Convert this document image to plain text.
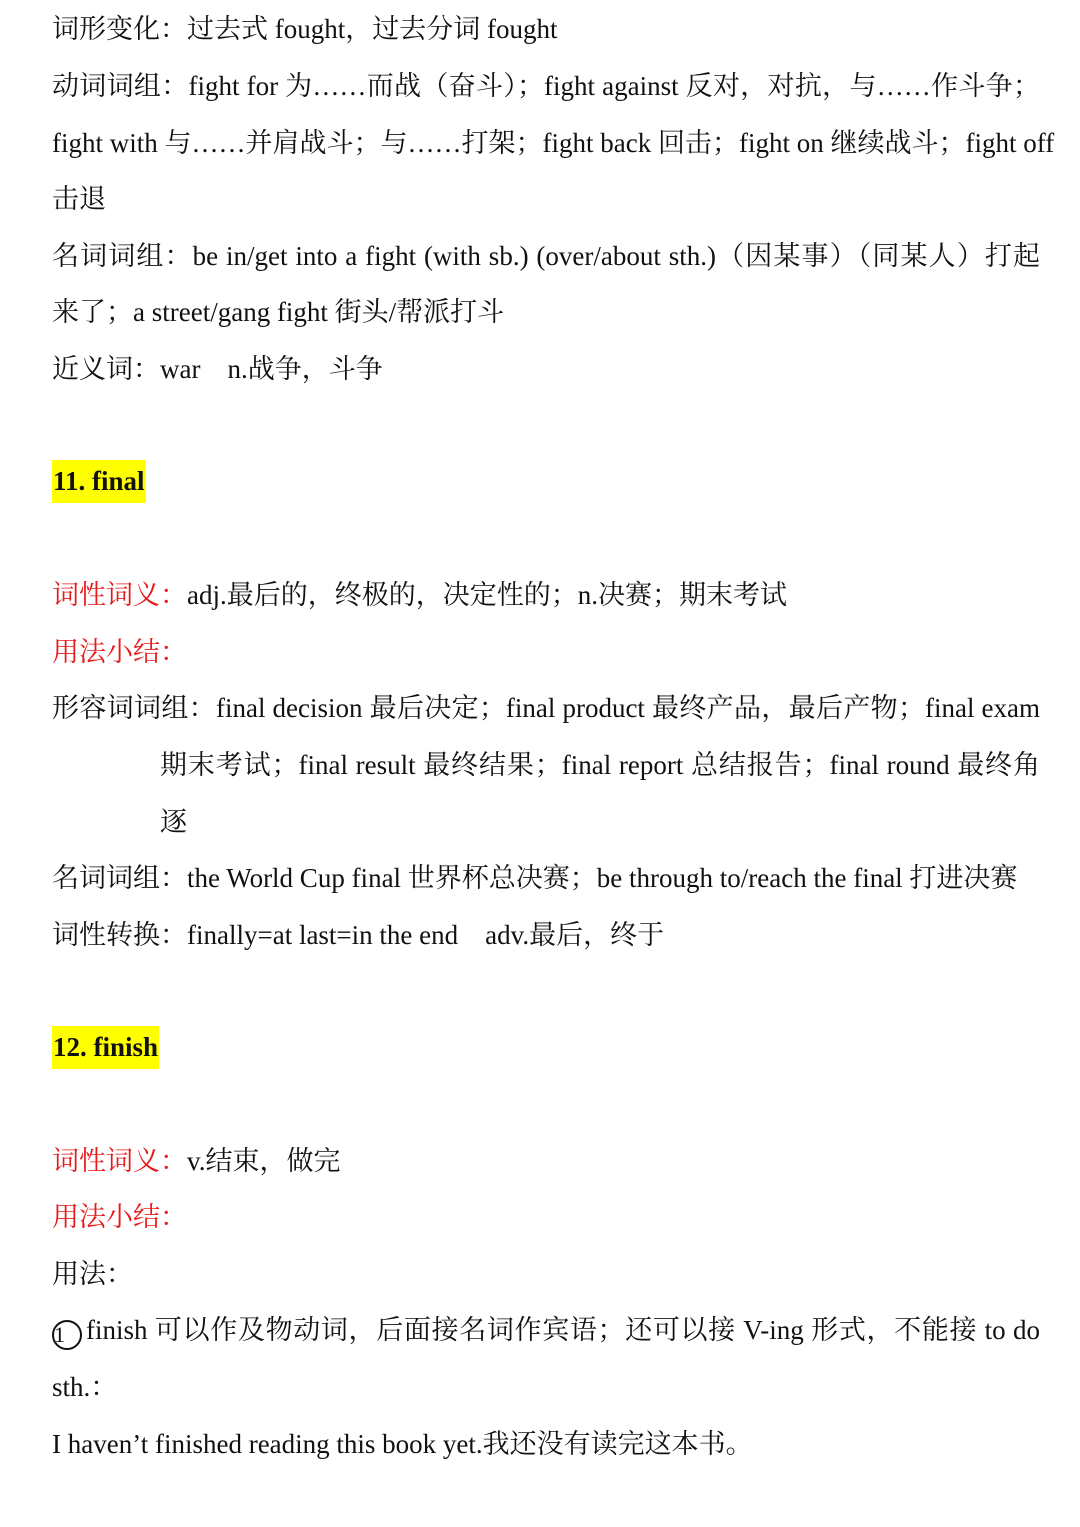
词形变化：过去式 fought，过去分词 fought
动词词组：fight for 为……而战（奋斗）；fight against 反对，对抗，与……作斗争；
fight with 与……并肩战斗；与……打架；fight back 回击；fight on 继续战斗；fight off
击退
名词词组：be in/get into a fight (with sb.) (over/about sth.)（因某事）（同某人）打起
来了；a street/gang fight 街头/帮派打斗
近义词：war　n.战争，斗争
11. final
词性词义：adj.最后的，终极的，决定性的；n.决赛；期末考试
用法小结：
形容词词组：final decision 最后决定；final product 最终产品，最后产物；final exam
期末考试；final result 最终结果；final report 总结报告；final round 最终角
逐
名词词组：the World Cup final 世界杯总决赛；be through to/reach the final 打进决赛
词性转换：finally=at last=in the end　adv.最后，终于
12. finish
词性词义：v.结束，做完
用法小结：
用法：
1 finish 可以作及物动词，后面接名词作宾语；还可以接 V-ing 形式，不能接 to do
sth.：
I haven’t finished reading this book yet.我还没有读完这本书。
